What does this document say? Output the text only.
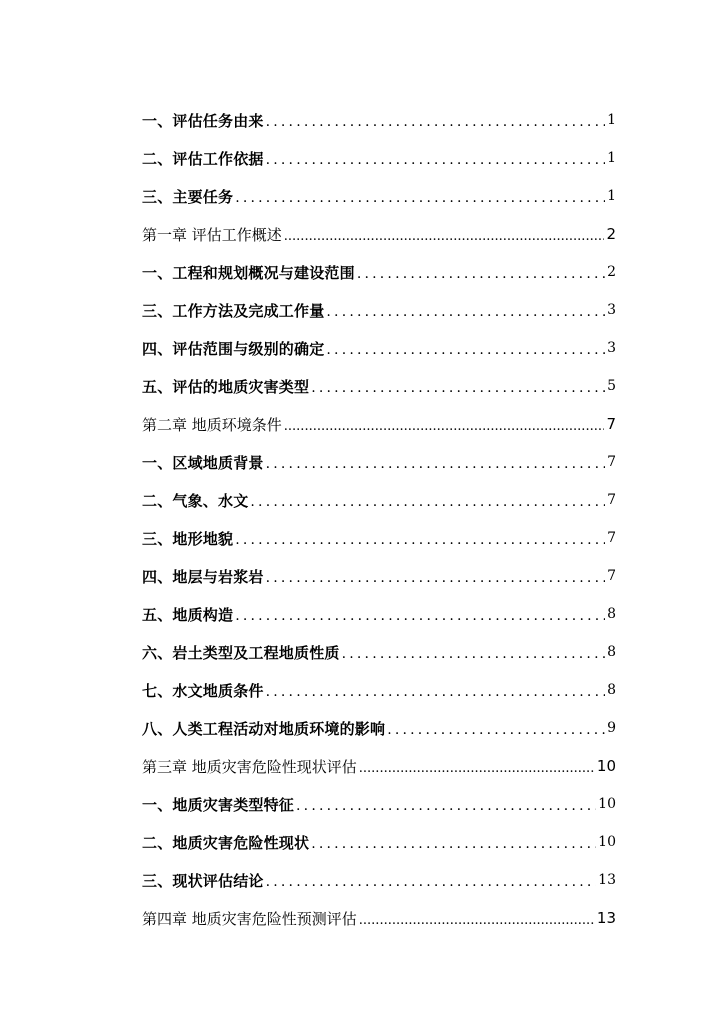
一、评估任务由来 .....	1
二、评估工作依据 .....	1
三、主要任务 .....	1
第一章 评估工作概述 .....	2
一、工程和规划概况与建设范围 .....	2
三、工作方法及完成工作量 .....	3
四、评估范围与级别的确定 .....	3
五、评估的地质灾害类型 .....	5
第二章 地质环境条件 .....	7
一、区域地质背景 .....	7
二、气象、水文 .....	7
三、地形地貌 .....	7
四、地层与岩浆岩 .....	7
五、地质构造 .....	8
六、岩土类型及工程地质性质 .....	8
七、水文地质条件 .....	8
八、人类工程活动对地质环境的影响 .....	9
第三章 地质灾害危险性现状评估 .....	10
一、地质灾害类型特征 .....	10
二、地质灾害危险性现状 .....	10
三、现状评估结论 .....	13
第四章 地质灾害危险性预测评估 .....	13
